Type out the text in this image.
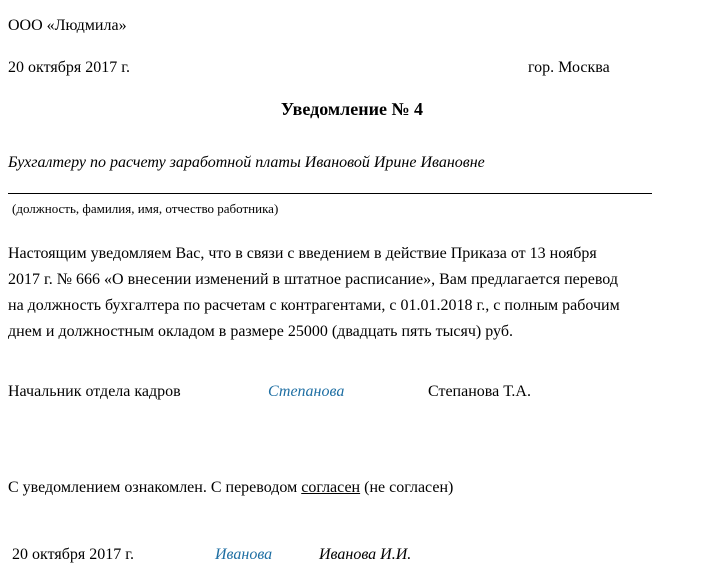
ООО «Людмила»
20 октября 2017 г.	гор. Москва
Уведомление № 4
Бухгалтеру по расчету заработной платы Ивановой Ирине Ивановне
(должность, фамилия, имя, отчество работника)
Настоящим уведомляем Вас, что в связи с введением в действие Приказа от 13 ноября
2017 г. № 666 «О внесении изменений в штатное расписание», Вам предлагается перевод
на должность бухгалтера по расчетам с контрагентами, с 01.01.2018 г., с полным рабочим
днем и должностным окладом в размере 25000 (двадцать пять тысяч) руб.
Начальник отдела кадров	Степанова	Степанова Т.А.
С уведомлением ознакомлен. С переводом согласен (не согласен)
20 октября 2017 г.	Иванова	Иванова И.И.
